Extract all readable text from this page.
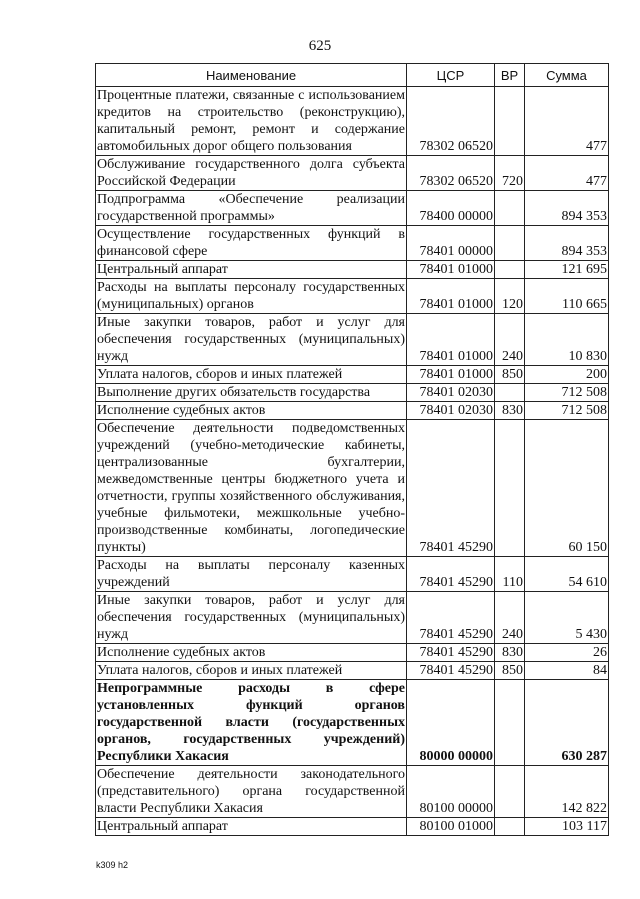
625
Наименование	ЦСР	ВР	Сумма
Процентные платежи, связанные с использованием кредитов на строительство (реконструкцию), капитальный ремонт, ремонт и содержание автомобильных дорог общего пользования	78302 06520		477
Обслуживание государственного долга субъекта Российской Федерации	78302 06520	720	477
Подпрограмма «Обеспечение реализации государственной программы»	78400 00000		894 353
Осуществление государственных функций в финансовой сфере	78401 00000		894 353
Центральный аппарат	78401 01000		121 695
Расходы на выплаты персоналу государственных (муниципальных) органов	78401 01000	120	110 665
Иные закупки товаров, работ и услуг для обеспечения государственных (муниципальных) нужд	78401 01000	240	10 830
Уплата налогов, сборов и иных платежей	78401 01000	850	200
Выполнение других обязательств государства	78401 02030		712 508
Исполнение судебных актов	78401 02030	830	712 508
Обеспечение деятельности подведомственных учреждений (учебно-методические кабинеты, централизованные бухгалтерии, межведомственные центры бюджетного учета и отчетности, группы хозяйственного обслуживания, учебные фильмотеки, межшкольные учебно-производственные комбинаты, логопедические пункты)	78401 45290		60 150
Расходы на выплаты персоналу казенных учреждений	78401 45290	110	54 610
Иные закупки товаров, работ и услуг для обеспечения государственных (муниципальных) нужд	78401 45290	240	5 430
Исполнение судебных актов	78401 45290	830	26
Уплата налогов, сборов и иных платежей	78401 45290	850	84
Непрограммные расходы в сфере установленных функций органов государственной власти (государственных органов, государственных учреждений) Республики Хакасия	80000 00000		630 287
Обеспечение деятельности законодательного (представительного) органа государственной власти Республики Хакасия	80100 00000		142 822
Центральный аппарат	80100 01000		103 117
k309 h2
